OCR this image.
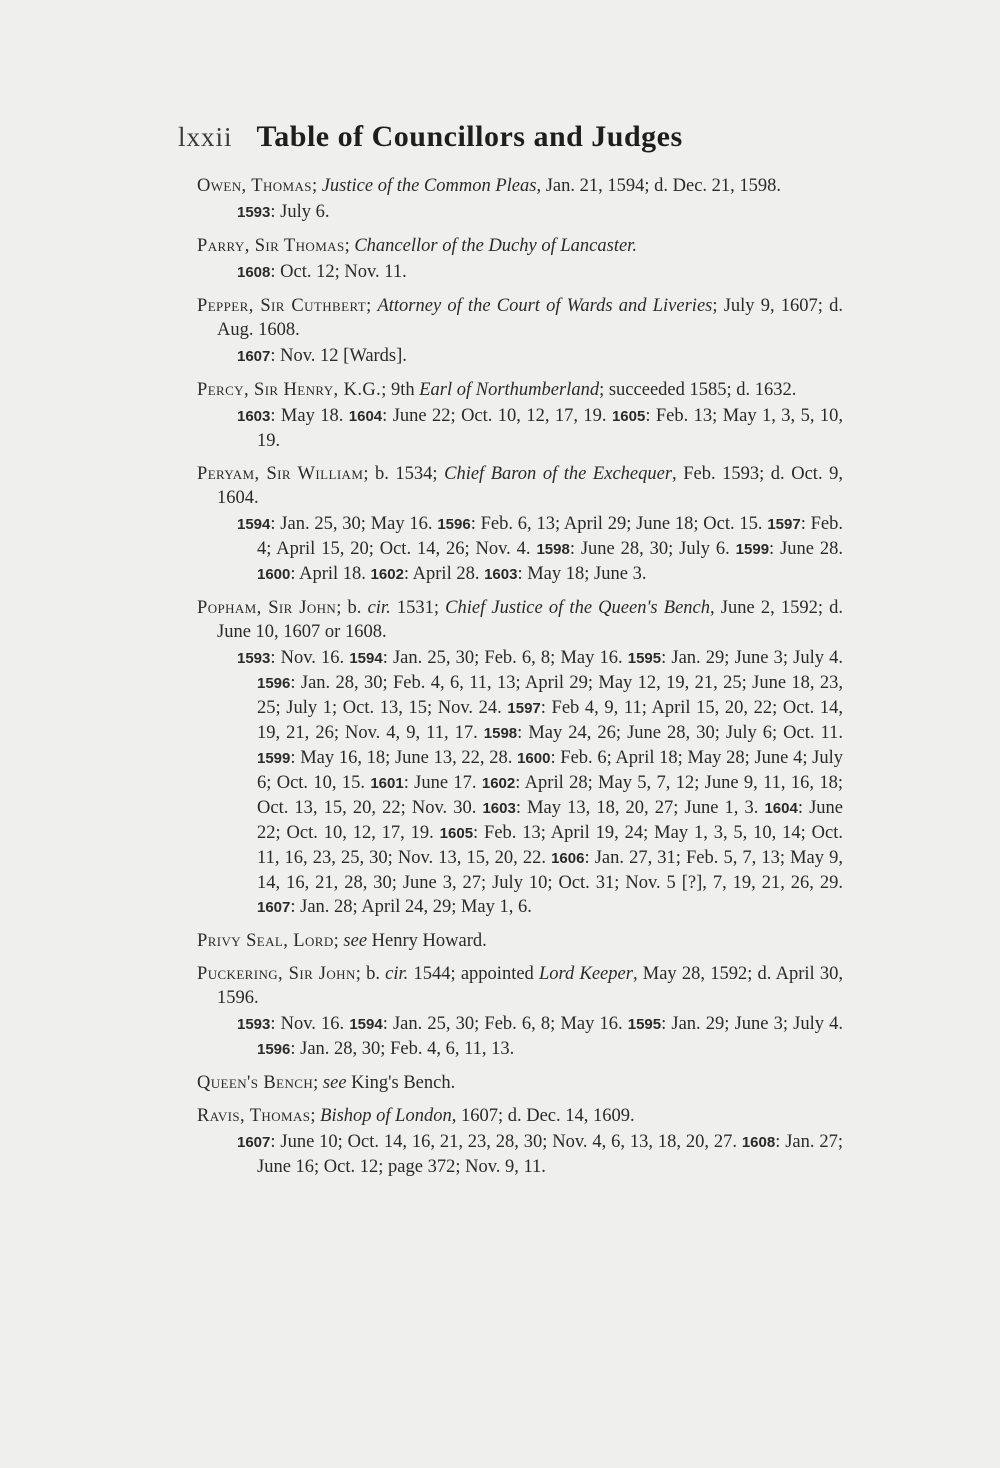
lxxii Table of Councillors and Judges
Owen, Thomas; Justice of the Common Pleas, Jan. 21, 1594; d. Dec. 21, 1598.
1593: July 6.
Parry, Sir Thomas; Chancellor of the Duchy of Lancaster.
1608: Oct. 12; Nov. 11.
Pepper, Sir Cuthbert; Attorney of the Court of Wards and Liveries; July 9, 1607; d. Aug. 1608.
1607: Nov. 12 [Wards].
Percy, Sir Henry, K.G.; 9th Earl of Northumberland; succeeded 1585; d. 1632.
1603: May 18. 1604: June 22; Oct. 10, 12, 17, 19. 1605: Feb. 13; May 1, 3, 5, 10, 19.
Peryam, Sir William; b. 1534; Chief Baron of the Exchequer, Feb. 1593; d. Oct. 9, 1604.
1594: Jan. 25, 30; May 16. 1596: Feb. 6, 13; April 29; June 18; Oct. 15. 1597: Feb. 4; April 15, 20; Oct. 14, 26; Nov. 4. 1598: June 28, 30; July 6. 1599: June 28. 1600: April 18. 1602: April 28. 1603: May 18; June 3.
Popham, Sir John; b. cir. 1531; Chief Justice of the Queen's Bench, June 2, 1592; d. June 10, 1607 or 1608.
1593: Nov. 16. 1594: Jan. 25, 30; Feb. 6, 8; May 16. 1595: Jan. 29; June 3; July 4. 1596: Jan. 28, 30; Feb. 4, 6, 11, 13; April 29; May 12, 19, 21, 25; June 18, 23, 25; July 1; Oct. 13, 15; Nov. 24. 1597: Feb 4, 9, 11; April 15, 20, 22; Oct. 14, 19, 21, 26; Nov. 4, 9, 11, 17. 1598: May 24, 26; June 28, 30; July 6; Oct. 11. 1599: May 16, 18; June 13, 22, 28. 1600: Feb. 6; April 18; May 28; June 4; July 6; Oct. 10, 15. 1601: June 17. 1602: April 28; May 5, 7, 12; June 9, 11, 16, 18; Oct. 13, 15, 20, 22; Nov. 30. 1603: May 13, 18, 20, 27; June 1, 3. 1604: June 22; Oct. 10, 12, 17, 19. 1605: Feb. 13; April 19, 24; May 1, 3, 5, 10, 14; Oct. 11, 16, 23, 25, 30; Nov. 13, 15, 20, 22. 1606: Jan. 27, 31; Feb. 5, 7, 13; May 9, 14, 16, 21, 28, 30; June 3, 27; July 10; Oct. 31; Nov. 5 [?], 7, 19, 21, 26, 29. 1607: Jan. 28; April 24, 29; May 1, 6.
Privy Seal, Lord; see Henry Howard.
Puckering, Sir John; b. cir. 1544; appointed Lord Keeper, May 28, 1592; d. April 30, 1596.
1593: Nov. 16. 1594: Jan. 25, 30; Feb. 6, 8; May 16. 1595: Jan. 29; June 3; July 4. 1596: Jan. 28, 30; Feb. 4, 6, 11, 13.
Queen's Bench; see King's Bench.
Ravis, Thomas; Bishop of London, 1607; d. Dec. 14, 1609.
1607: June 10; Oct. 14, 16, 21, 23, 28, 30; Nov. 4, 6, 13, 18, 20, 27. 1608: Jan. 27; June 16; Oct. 12; page 372; Nov. 9, 11.
